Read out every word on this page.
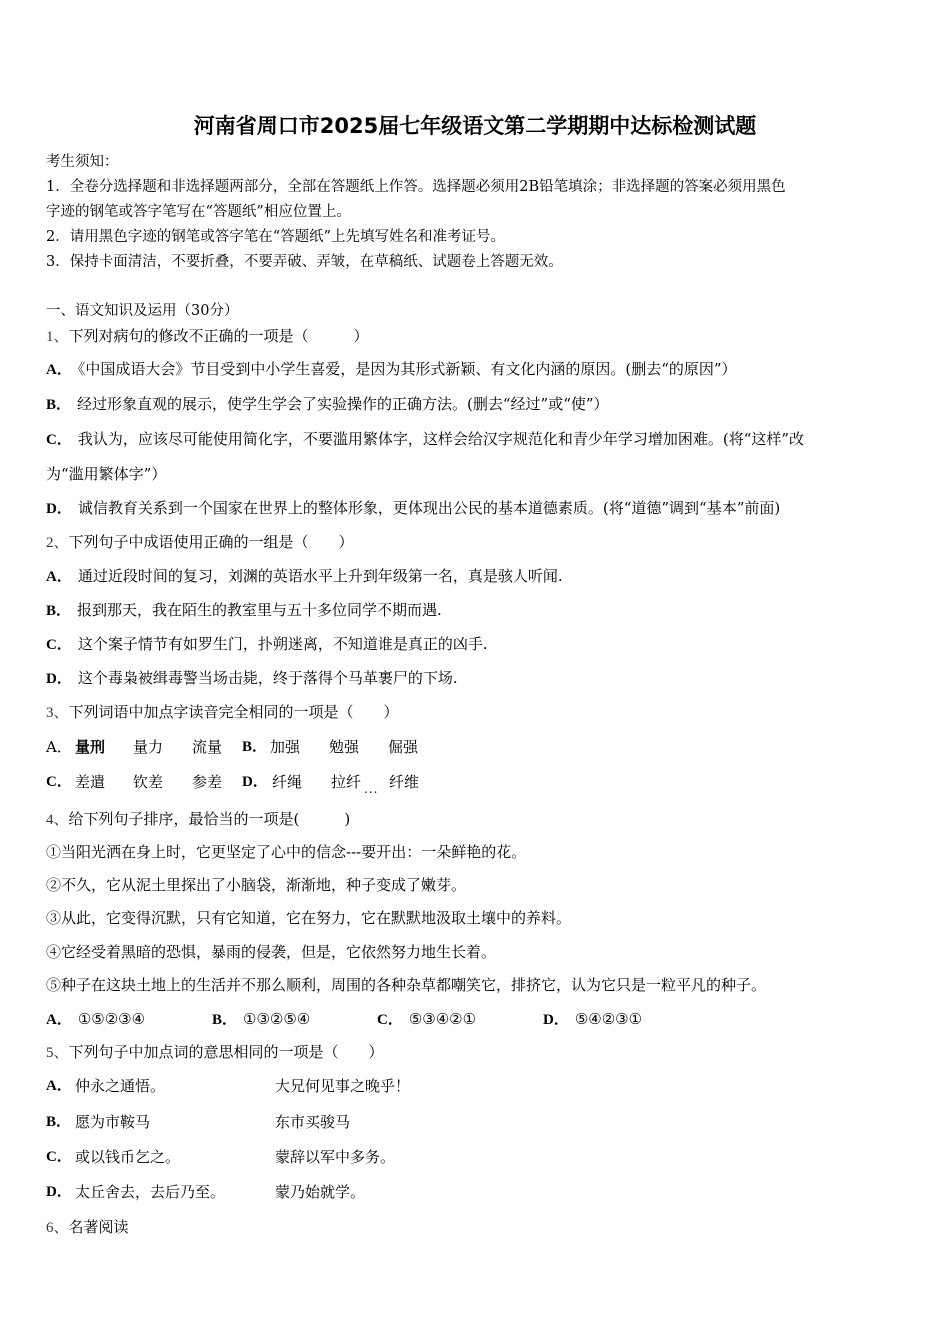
河南省周口市2025届七年级语文第二学期期中达标检测试题
考生须知：
1．全卷分选择题和非选择题两部分，全部在答题纸上作答。选择题必须用2B铅笔填涂；非选择题的答案必须用黑色
字迹的钢笔或答字笔写在“答题纸”相应位置上。
2．请用黑色字迹的钢笔或答字笔在“答题纸”上先填写姓名和准考证号。
3．保持卡面清洁，不要折叠，不要弄破、弄皱，在草稿纸、试题卷上答题无效。
一、语文知识及运用（30分）
1、下列对病句的修改不正确的一项是（　　　）
A． 《中国成语大会》节目受到中小学生喜爱，是因为其形式新颖、有文化内涵的原因。(删去“的原因”）
B． 经过形象直观的展示，使学生学会了实验操作的正确方法。(删去“经过”或“使”）
C． 我认为，应该尽可能使用简化字，不要滥用繁体字，这样会给汉字规范化和青少年学习增加困难。(将“这样”改
为“滥用繁体字”）
D． 诚信教育关系到一个国家在世界上的整体形象，更体现出公民的基本道德素质。(将“道德”调到“基本”前面)
2、下列句子中成语使用正确的一组是（　　）
A． 通过近段时间的复习，刘渊的英语水平上升到年级第一名，真是骇人听闻.
B． 报到那天，我在陌生的教室里与五十多位同学不期而遇.
C． 这个案子情节有如罗生门，扑朔迷离，不知道谁是真正的凶手.
D． 这个毒枭被缉毒警当场击毙，终于落得个马革裹尸的下场.
3、下列词语中加点字读音完全相同的一项是（　　）
A． 量刑 量力 流量 B． 加强 勉强 倔强
C． 差遣 钦差 参差 D． 纤绳 拉纤 $_{...}$ 纤维
4、给下列句子排序，最恰当的一项是(　　　)
①当阳光洒在身上时，它更坚定了心中的信念---要开出：一朵鲜艳的花。
②不久，它从泥土里探出了小脑袋，渐渐地，种子变成了嫩芽。
③从此，它变得沉默，只有它知道，它在努力，它在默默地汲取土壤中的养料。
④它经受着黑暗的恐惧，暴雨的侵袭，但是，它依然努力地生长着。
⑤种子在这块土地上的生活并不那么顺利，周围的各种杂草都嘲笑它，排挤它，认为它只是一粒平凡的种子。
A． ①⑤②③④	B． ①③②⑤④	C． ⑤③④②①	D． ⑤④②③①
5、下列句子中加点词的意思相同的一项是（　　）
A． 仲永之通悟。	大兄何见事之晚乎！
B． 愿为市鞍马	东市买骏马
C． 或以钱币乞之。	蒙辞以军中多务。
D． 太丘舍去，去后乃至。	蒙乃始就学。
6、名著阅读
